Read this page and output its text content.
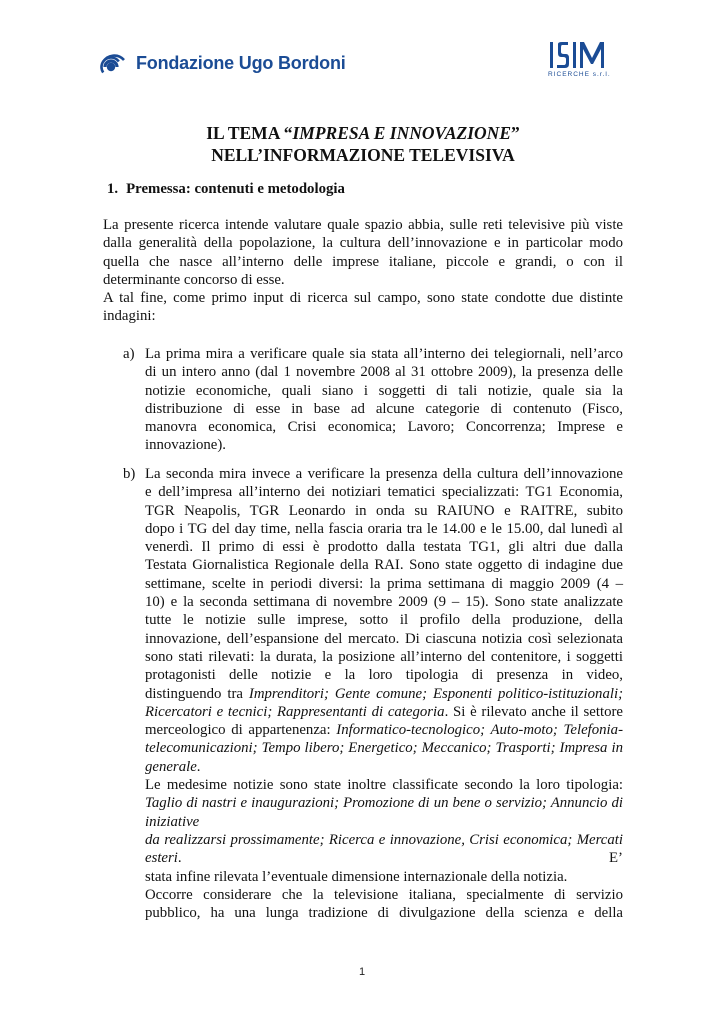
Fondazione Ugo Bordoni
RICERCHE s.r.l.
IL TEMA “IMPRESA E INNOVAZIONE”
NELL’INFORMAZIONE TELEVISIVA
1. Premessa: contenuti e metodologia
La presente ricerca intende valutare quale spazio abbia, sulle reti televisive più viste
dalla generalità della popolazione, la cultura dell’innovazione e in particolar modo
quella che nasce all’interno delle imprese italiane, piccole e grandi, o con il
determinante concorso di esse.
A tal fine, come primo input di ricerca sul campo, sono state condotte due distinte
indagini:
a) La prima mira a verificare quale sia stata all’interno dei telegiornali, nell’arco
di un intero anno (dal 1 novembre 2008 al 31 ottobre 2009), la presenza delle
notizie economiche, quali siano i soggetti di tali notizie, quale sia la
distribuzione di esse in base ad alcune categorie di contenuto (Fisco,
manovra economica, Crisi economica; Lavoro; Concorrenza; Imprese e
innovazione).
b) La seconda mira invece a verificare la presenza della cultura dell’innovazione
e dell’impresa all’interno dei notiziari tematici specializzati: TG1 Economia,
TGR Neapolis, TGR Leonardo in onda su RAIUNO e RAITRE, subito
dopo i TG del day time, nella fascia oraria tra le 14.00 e le 15.00, dal lunedì al
venerdì. Il primo di essi è prodotto dalla testata TG1, gli altri due dalla
Testata Giornalistica Regionale della RAI. Sono state oggetto di indagine due
settimane, scelte in periodi diversi: la prima settimana di maggio 2009 (4 –
10) e la seconda settimana di novembre 2009 (9 – 15). Sono state analizzate
tutte le notizie sulle imprese, sotto il profilo della produzione, della
innovazione, dell’espansione del mercato. Di ciascuna notizia così selezionata
sono stati rilevati: la durata, la posizione all’interno del contenitore, i soggetti
protagonisti delle notizie e la loro tipologia di presenza in video,
distinguendo tra Imprenditori; Gente comune; Esponenti politico-istituzionali;
Ricercatori e tecnici; Rappresentanti di categoria. Si è rilevato anche il settore
merceologico di appartenenza: Informatico-tecnologico; Auto-moto; Telefonia-
telecomunicazioni; Tempo libero; Energetico; Meccanico; Trasporti; Impresa in generale.
Le medesime notizie sono state inoltre classificate secondo la loro tipologia:
Taglio di nastri e inaugurazioni; Promozione di un bene o servizio; Annuncio di iniziative
da realizzarsi prossimamente; Ricerca e innovazione, Crisi economica; Mercati esteri. E’
stata infine rilevata l’eventuale dimensione internazionale della notizia.
Occorre considerare che la televisione italiana, specialmente di servizio
pubblico, ha una lunga tradizione di divulgazione della scienza e della
1
